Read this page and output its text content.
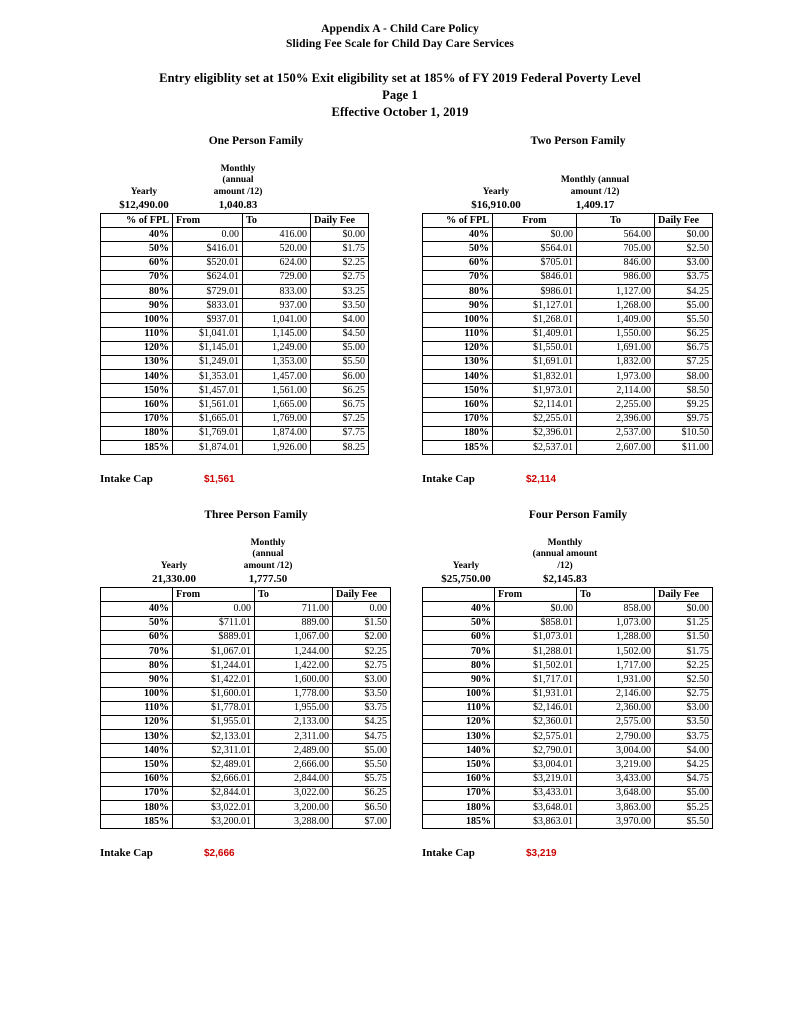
Appendix A - Child Care Policy
Sliding Fee Scale for Child Day Care Services
Entry eligiblity set at 150% Exit eligibility set at 185% of FY 2019 Federal Poverty Level
Page 1
Effective October 1, 2019
One Person Family
Yearly
$12,490.00
Monthly
(annual
amount /12)
1,040.83
% of FPL	From	To	Daily Fee
40%	0.00	416.00	$0.00
50%	$416.01	520.00	$1.75
60%	$520.01	624.00	$2.25
70%	$624.01	729.00	$2.75
80%	$729.01	833.00	$3.25
90%	$833.01	937.00	$3.50
100%	$937.01	1,041.00	$4.00
110%	$1,041.01	1,145.00	$4.50
120%	$1,145.01	1,249.00	$5.00
130%	$1,249.01	1,353.00	$5.50
140%	$1,353.01	1,457.00	$6.00
150%	$1,457.01	1,561.00	$6.25
160%	$1,561.01	1,665.00	$6.75
170%	$1,665.01	1,769.00	$7.25
180%	$1,769.01	1,874.00	$7.75
185%	$1,874.01	1,926.00	$8.25
Intake Cap	$1,561
Two Person Family
Yearly
$16,910.00
Monthly (annual
amount /12)
1,409.17
% of FPL	From	To	Daily Fee
40%	$0.00	564.00	$0.00
50%	$564.01	705.00	$2.50
60%	$705.01	846.00	$3.00
70%	$846.01	986.00	$3.75
80%	$986.01	1,127.00	$4.25
90%	$1,127.01	1,268.00	$5.00
100%	$1,268.01	1,409.00	$5.50
110%	$1,409.01	1,550.00	$6.25
120%	$1,550.01	1,691.00	$6.75
130%	$1,691.01	1,832.00	$7.25
140%	$1,832.01	1,973.00	$8.00
150%	$1,973.01	2,114.00	$8.50
160%	$2,114.01	2,255.00	$9.25
170%	$2,255.01	2,396.00	$9.75
180%	$2,396.01	2,537.00	$10.50
185%	$2,537.01	2,607.00	$11.00
Intake Cap	$2,114
Three Person Family
Yearly
21,330.00
Monthly
(annual
amount /12)
1,777.50
	From	To	Daily Fee
40%	0.00	711.00	0.00
50%	$711.01	889.00	$1.50
60%	$889.01	1,067.00	$2.00
70%	$1,067.01	1,244.00	$2.25
80%	$1,244.01	1,422.00	$2.75
90%	$1,422.01	1,600.00	$3.00
100%	$1,600.01	1,778.00	$3.50
110%	$1,778.01	1,955.00	$3.75
120%	$1,955.01	2,133.00	$4.25
130%	$2,133.01	2,311.00	$4.75
140%	$2,311.01	2,489.00	$5.00
150%	$2,489.01	2,666.00	$5.50
160%	$2,666.01	2,844.00	$5.75
170%	$2,844.01	3,022.00	$6.25
180%	$3,022.01	3,200.00	$6.50
185%	$3,200.01	3,288.00	$7.00
Intake Cap	$2,666
Four Person Family
Yearly
$25,750.00
Monthly
(annual amount
/12)
$2,145.83
	From	To	Daily Fee
40%	$0.00	858.00	$0.00
50%	$858.01	1,073.00	$1.25
60%	$1,073.01	1,288.00	$1.50
70%	$1,288.01	1,502.00	$1.75
80%	$1,502.01	1,717.00	$2.25
90%	$1,717.01	1,931.00	$2.50
100%	$1,931.01	2,146.00	$2.75
110%	$2,146.01	2,360.00	$3.00
120%	$2,360.01	2,575.00	$3.50
130%	$2,575.01	2,790.00	$3.75
140%	$2,790.01	3,004.00	$4.00
150%	$3,004.01	3,219.00	$4.25
160%	$3,219.01	3,433.00	$4.75
170%	$3,433.01	3,648.00	$5.00
180%	$3,648.01	3,863.00	$5.25
185%	$3,863.01	3,970.00	$5.50
Intake Cap	$3,219
